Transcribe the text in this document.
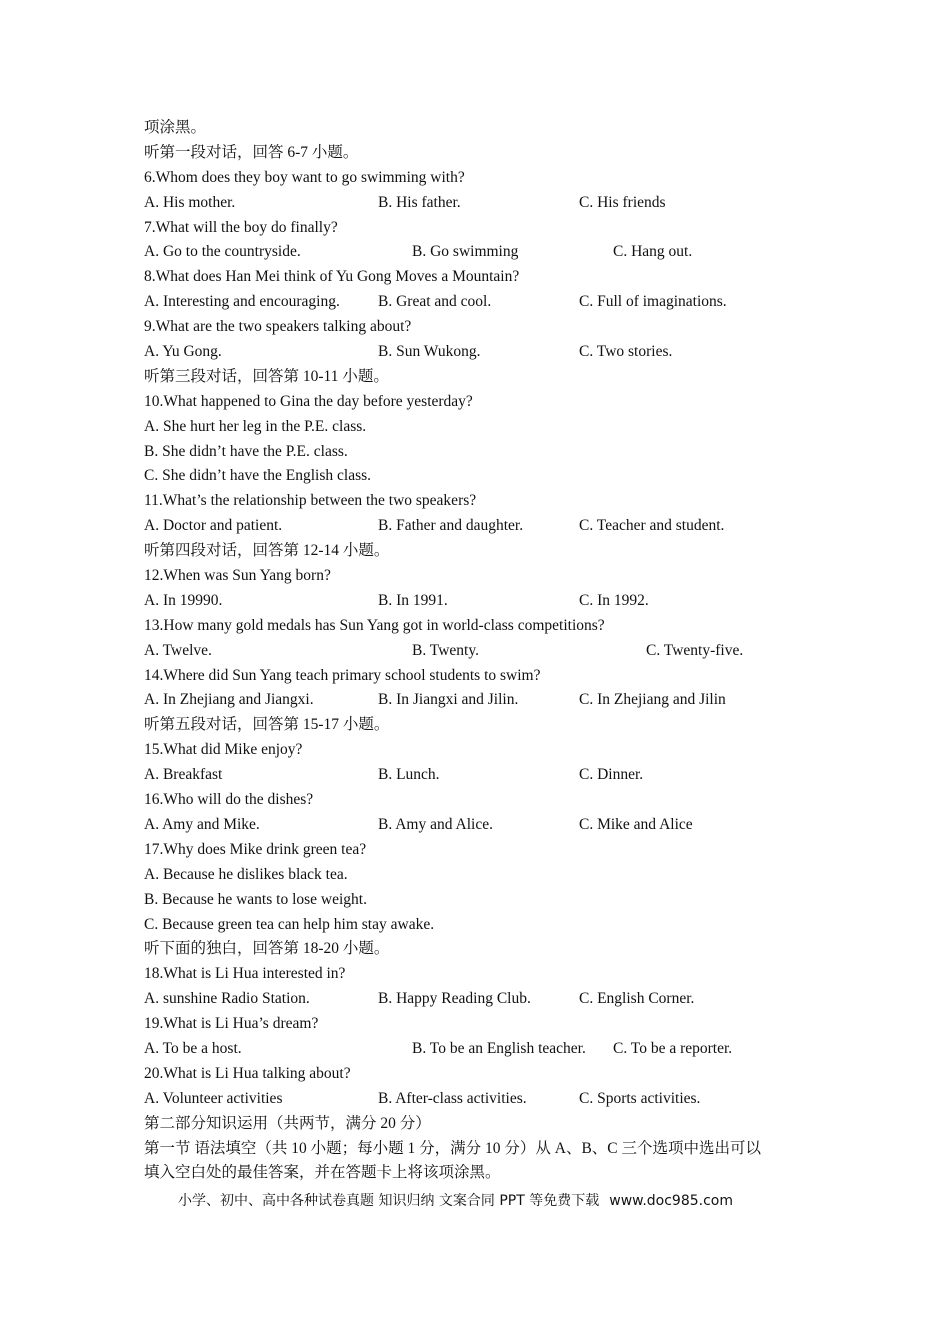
项涂黑。
听第一段对话，回答 6-7 小题。
6.Whom does they boy want to go swimming with?
A. His mother.	B. His father.	C. His friends
7.What will the boy do finally?
A. Go to the countryside.	B. Go swimming	C. Hang out.
8.What does Han Mei think of Yu Gong Moves a Mountain?
A. Interesting and encouraging. B. Great and cool.	C. Full of imaginations.
9.What are the two speakers talking about?
A. Yu Gong.	B. Sun Wukong.	C. Two stories.
听第三段对话，回答第 10-11 小题。
10.What happened to Gina the day before yesterday?
A. She hurt her leg in the P.E. class.
B. She didn’t have the P.E. class.
C. She didn’t have the English class.
11.What’s the relationship between the two speakers?
A. Doctor and patient.	B. Father and daughter.	C. Teacher and student.
听第四段对话，回答第 12-14 小题。
12.When was Sun Yang born?
A. In 19990.	B. In 1991.	C. In 1992.
13.How many gold medals has Sun Yang got in world-class competitions?
A. Twelve.	B. Twenty.	C. Twenty-five.
14.Where did Sun Yang teach primary school students to swim?
A. In Zhejiang and Jiangxi.	B. In Jiangxi and Jilin.	C. In Zhejiang and Jilin
听第五段对话，回答第 15-17 小题。
15.What did Mike enjoy?
A. Breakfast	B. Lunch.	C. Dinner.
16.Who will do the dishes?
A. Amy and Mike.	B. Amy and Alice.	C. Mike and Alice
17.Why does Mike drink green tea?
A. Because he dislikes black tea.
B. Because he wants to lose weight.
C. Because green tea can help him stay awake.
听下面的独白，回答第 18-20 小题。
18.What is Li Hua interested in?
A. sunshine Radio Station.	B. Happy Reading Club.	C. English Corner.
19.What is Li Hua’s dream?
A. To be a host.	B. To be an English teacher. C. To be a reporter.
20.What is Li Hua talking about?
A. Volunteer activities	B. After-class activities.	C. Sports activities.
第二部分知识运用（共两节，满分 20 分）
第一节 语法填空（共 10 小题；每小题 1 分，满分 10 分）从 A、B、C 三个选项中选出可以
填入空白处的最佳答案，并在答题卡上将该项涂黑。
小学、初中、高中各种试卷真题 知识归纳 文案合同 PPT 等免费下载 www.doc985.com
